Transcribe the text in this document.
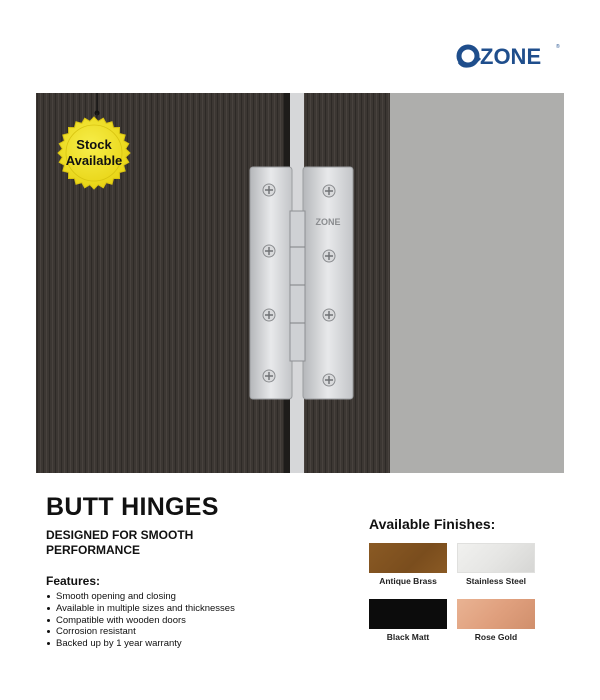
ZONE	®
Stock
Available
ZONE
BUTT HINGES
DESIGNED FOR SMOOTH PERFORMANCE
Features:
Smooth opening and closing
Available in multiple sizes and thicknesses
Compatible with wooden doors
Corrosion resistant
Backed up by 1 year warranty
Available Finishes:
Antique Brass	Stainless Steel
Black Matt	Rose Gold
